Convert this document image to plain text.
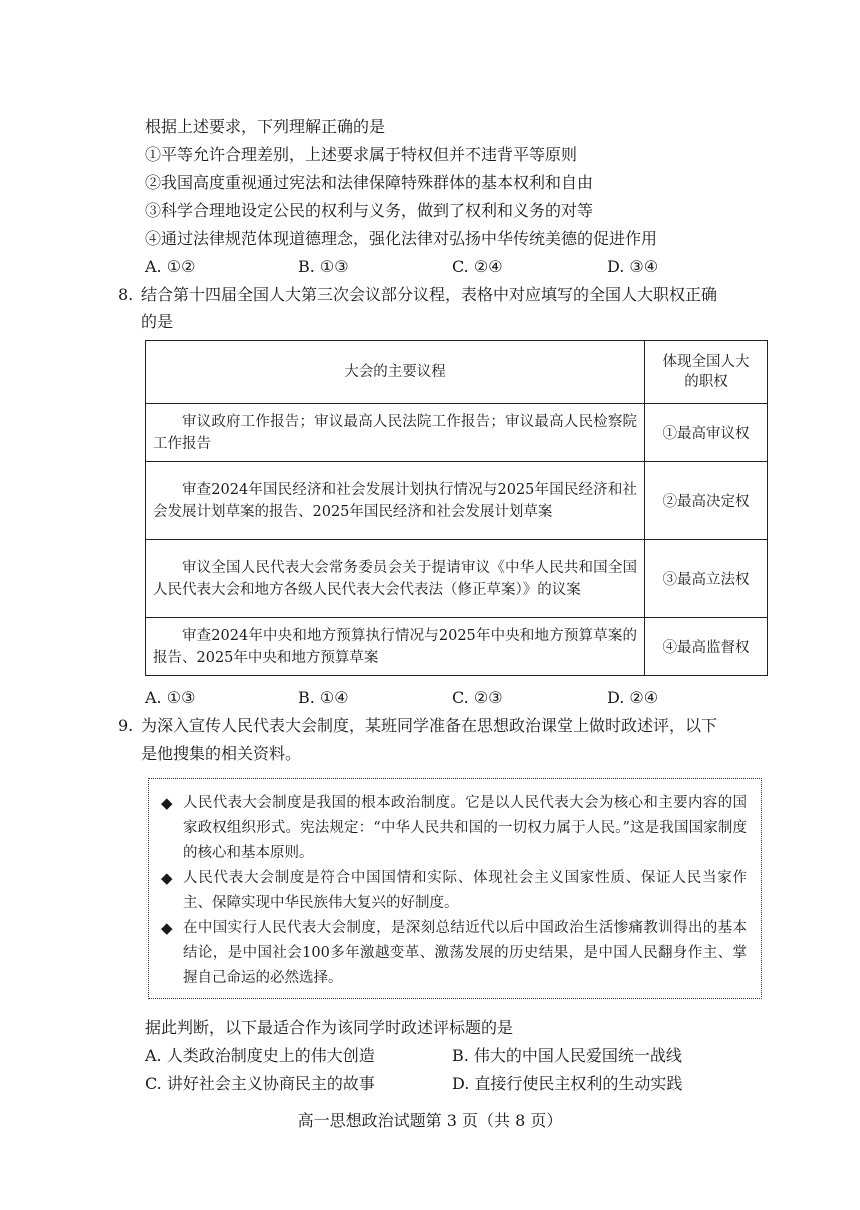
根据上述要求，下列理解正确的是
①平等允许合理差别，上述要求属于特权但并不违背平等原则
②我国高度重视通过宪法和法律保障特殊群体的基本权利和自由
③科学合理地设定公民的权利与义务，做到了权利和义务的对等
④通过法律规范体现道德理念，强化法律对弘扬中华传统美德的促进作用
A. ①②	B. ①③	C. ②④	D. ③④
8. 结合第十四届全国人大第三次会议部分议程，表格中对应填写的全国人大职权正确
的是
大会的主要议程	体现全国人大
的职权
审议政府工作报告；审议最高人民法院工作报告；审议最高人民检察院工作报告	①最高审议权
审查2024年国民经济和社会发展计划执行情况与2025年国民经济和社会发展计划草案的报告、2025年国民经济和社会发展计划草案	②最高决定权
审议全国人民代表大会常务委员会关于提请审议《中华人民共和国全国人民代表大会和地方各级人民代表大会代表法（修正草案）》的议案	③最高立法权
审查2024年中央和地方预算执行情况与2025年中央和地方预算草案的报告、2025年中央和地方预算草案	④最高监督权
A. ①③	B. ①④	C. ②③	D. ②④
9. 为深入宣传人民代表大会制度，某班同学准备在思想政治课堂上做时政述评，以下
是他搜集的相关资料。
◆ 人民代表大会制度是我国的根本政治制度。它是以人民代表大会为核心和主要内容的国家政权组织形式。宪法规定：“中华人民共和国的一切权力属于人民。”这是我国国家制度的核心和基本原则。
◆ 人民代表大会制度是符合中国国情和实际、体现社会主义国家性质、保证人民当家作主、保障实现中华民族伟大复兴的好制度。
◆ 在中国实行人民代表大会制度，是深刻总结近代以后中国政治生活惨痛教训得出的基本结论，是中国社会100多年激越变革、激荡发展的历史结果，是中国人民翻身作主、掌握自己命运的必然选择。
据此判断，以下最适合作为该同学时政述评标题的是
A. 人类政治制度史上的伟大创造	B. 伟大的中国人民爱国统一战线
C. 讲好社会主义协商民主的故事	D. 直接行使民主权利的生动实践
高一思想政治试题第 3 页（共 8 页）
